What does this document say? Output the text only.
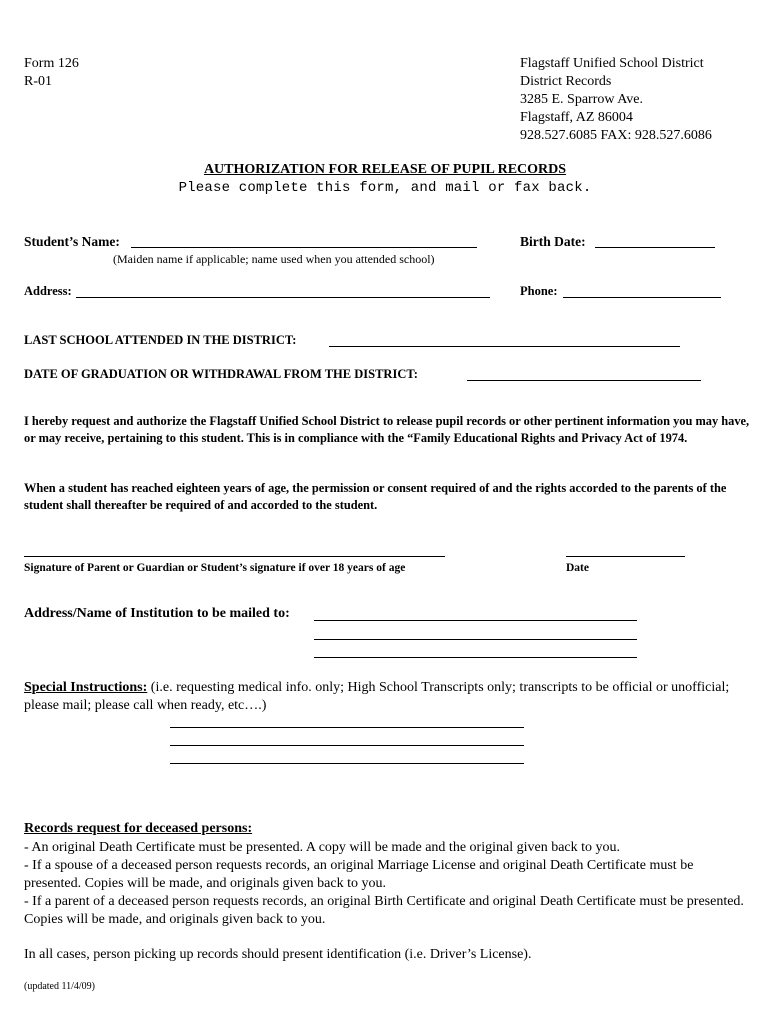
Form 126
R-01
Flagstaff Unified School District
District Records
3285 E. Sparrow Ave.
Flagstaff, AZ 86004
928.527.6085 FAX: 928.527.6086
AUTHORIZATION FOR RELEASE OF PUPIL RECORDS
Please complete this form, and mail or fax back.
Student’s Name:	Birth Date:
(Maiden name if applicable; name used when you attended school)
Address:	Phone:
LAST SCHOOL ATTENDED IN THE DISTRICT:
DATE OF GRADUATION OR WITHDRAWAL FROM THE DISTRICT:
I hereby request and authorize the Flagstaff Unified School District to release pupil records or other pertinent information you may have, or may receive, pertaining to this student. This is in compliance with the “Family Educational Rights and Privacy Act of 1974.
When a student has reached eighteen years of age, the permission or consent required of and the rights accorded to the parents of the student shall thereafter be required of and accorded to the student.
Signature of Parent or Guardian or Student’s signature if over 18 years of age	Date
Address/Name of Institution to be mailed to:
Special Instructions: (i.e. requesting medical info. only; High School Transcripts only; transcripts to be official or unofficial; please mail; please call when ready, etc….)
Records request for deceased persons:
- An original Death Certificate must be presented. A copy will be made and the original given back to you.
- If a spouse of a deceased person requests records, an original Marriage License and original Death Certificate must be presented. Copies will be made, and originals given back to you.
- If a parent of a deceased person requests records, an original Birth Certificate and original Death Certificate must be presented. Copies will be made, and originals given back to you.
In all cases, person picking up records should present identification (i.e. Driver’s License).
(updated 11/4/09)
